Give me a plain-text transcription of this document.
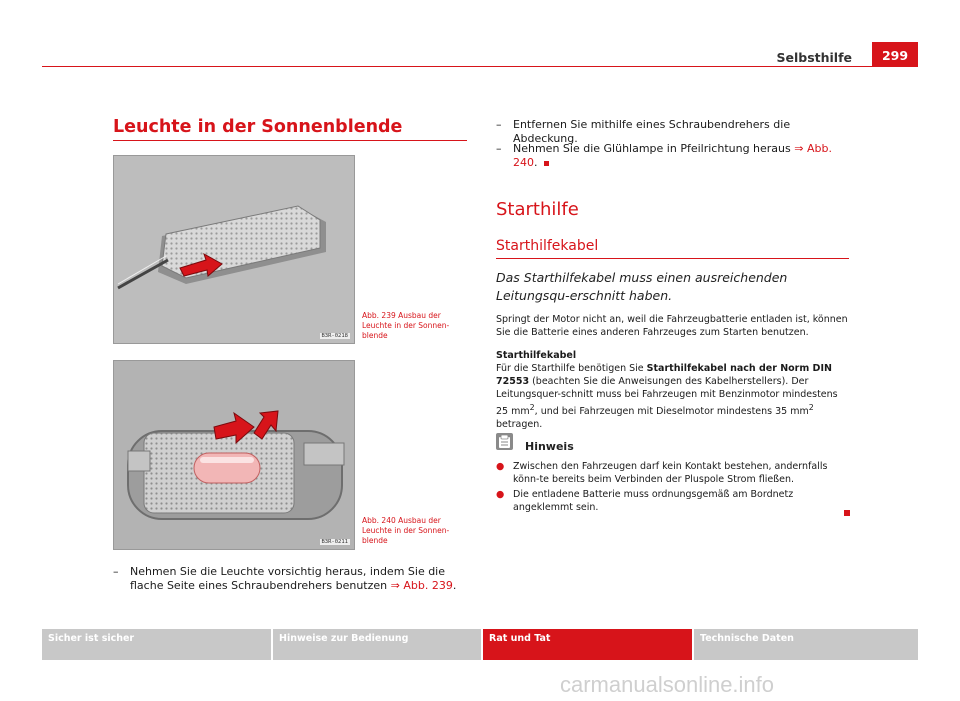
Selbsthilfe	299
Leuchte in der Sonnenblende
B3R-0218
Abb. 239 Ausbau der Leuchte in der Sonnen-blende
B3R-0211
Abb. 240 Ausbau der Leuchte in der Sonnen-blende
–	Nehmen Sie die Leuchte vorsichtig heraus, indem Sie die flache Seite eines Schraubendrehers benutzen ⇒ Abb. 239.
–	Entfernen Sie mithilfe eines Schraubendrehers die Abdeckung.
–	Nehmen Sie die Glühlampe in Pfeilrichtung heraus ⇒ Abb. 240.
Starthilfe
Starthilfekabel
Das Starthilfekabel muss einen ausreichenden Leitungsqu-erschnitt haben.
Springt der Motor nicht an, weil die Fahrzeugbatterie entladen ist, können Sie die Batterie eines anderen Fahrzeuges zum Starten benutzen.
Starthilfekabel
Für die Starthilfe benötigen Sie Starthilfekabel nach der Norm DIN 72553 (beachten Sie die Anweisungen des Kabelherstellers). Der Leitungsquer-schnitt muss bei Fahrzeugen mit Benzinmotor mindestens 25 $mm^2$, und bei Fahrzeugen mit Dieselmotor mindestens 35 $mm^2$ betragen.
Hinweis
● Zwischen den Fahrzeugen darf kein Kontakt bestehen, andernfalls könn-te bereits beim Verbinden der Pluspole Strom fließen.
● Die entladene Batterie muss ordnungsgemäß am Bordnetz angeklemmt sein.
Sicher ist sicher	Hinweise zur Bedienung	Rat und Tat	Technische Daten
carmanualsonline.info
